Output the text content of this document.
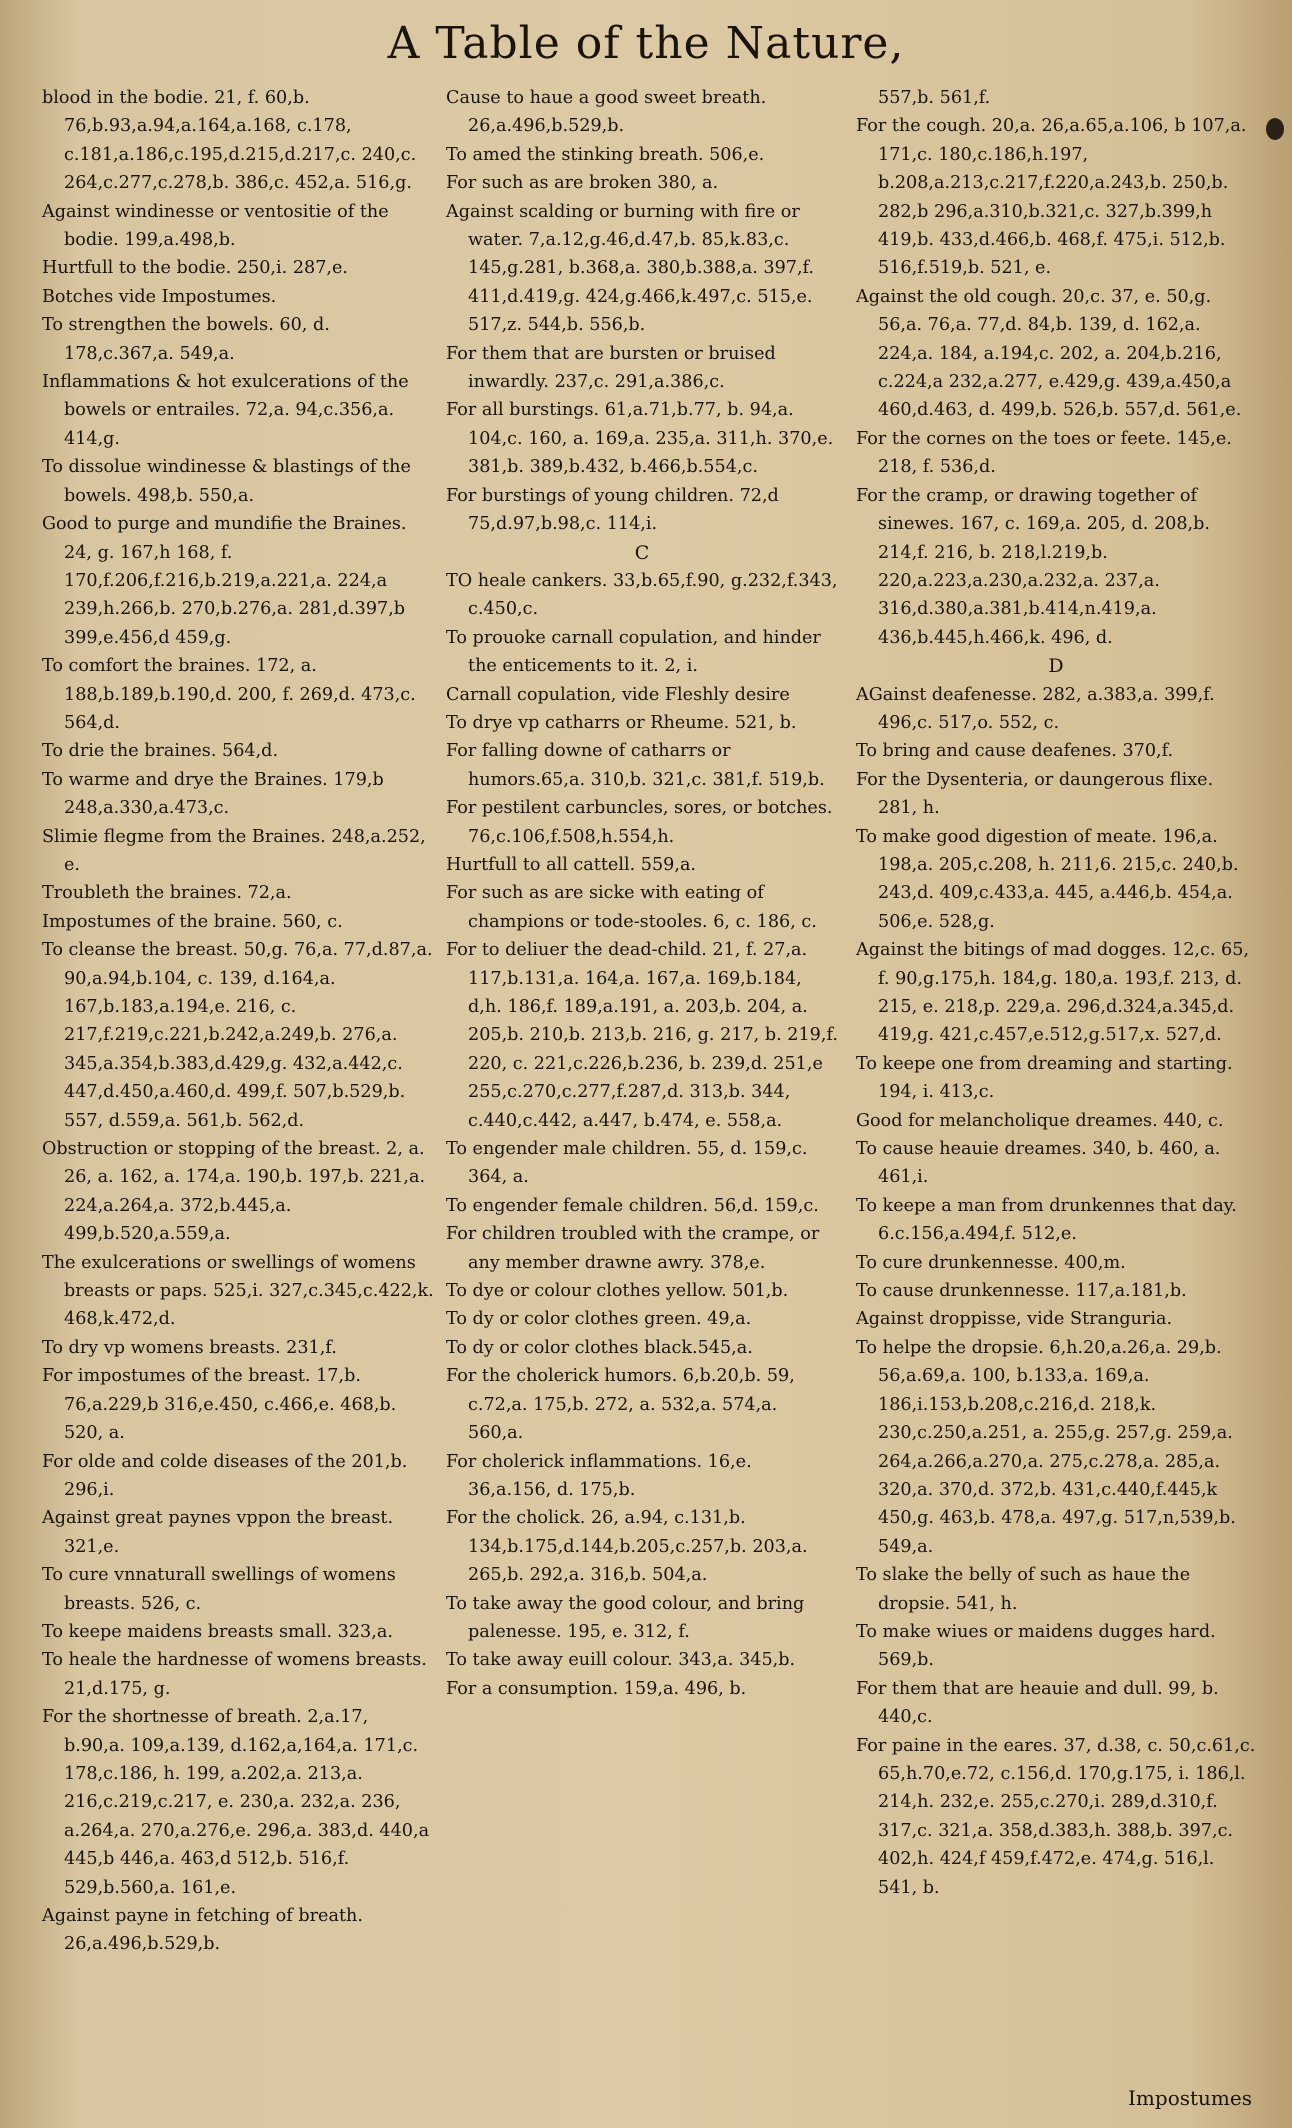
A Table of the Nature,

blood in the bodie. 21, f. 60,b. 76,b.93,a.94,a.164,a.168, c.178, c.181,a.186,c.195,d.215,d.217,c. 240,c. 264,c.277,c.278,b. 386,c. 452,a. 516,g.

Against windinesse or ventositie of the bodie. 199,a.498,b.

Hurtfull to the bodie. 250,i. 287,e.

Botches vide Impostumes.

To strengthen the bowels. 60, d. 178,c.367,a. 549,a.

Inflammations & hot exulcerations of the bowels or entrailes. 72,a. 94,c.356,a. 414,g.

To dissolue windinesse & blastings of the bowels. 498,b. 550,a.

Good to purge and mundifie the Braines. 24, g. 167,h 168, f. 170,f.206,f.216,b.219,a.221,a. 224,a 239,h.266,b. 270,b.276,a. 281,d.397,b 399,e.456,d 459,g.

To comfort the braines. 172, a. 188,b.189,b.190,d. 200, f. 269,d. 473,c. 564,d.

To drie the braines. 564,d.

To warme and drye the Braines. 179,b 248,a.330,a.473,c.

Slimie flegme from the Braines. 248,a.252, e.

Troubleth the braines. 72,a.

Impostumes of the braine. 560, c.

To cleanse the breast. 50,g. 76,a. 77,d.87,a. 90,a.94,b.104, c. 139, d.164,a. 167,b.183,a.194,e. 216, c. 217,f.219,c.221,b.242,a.249,b. 276,a. 345,a.354,b.383,d.429,g. 432,a.442,c. 447,d.450,a.460,d. 499,f. 507,b.529,b. 557, d.559,a. 561,b. 562,d.

Obstruction or stopping of the breast. 2, a. 26, a. 162, a. 174,a. 190,b. 197,b. 221,a. 224,a.264,a. 372,b.445,a. 499,b.520,a.559,a.

The exulcerations or swellings of womens breasts or paps. 525,i. 327,c.345,c.422,k. 468,k.472,d.

To dry vp womens breasts. 231,f.

For impostumes of the breast. 17,b. 76,a.229,b 316,e.450, c.466,e. 468,b. 520, a.

For olde and colde diseases of the 201,b. 296,i.

Against great paynes vppon the breast. 321,e.

To cure vnnaturall swellings of womens breasts. 526, c.

To keepe maidens breasts small. 323,a.

To heale the hardnesse of womens breasts. 21,d.175, g.

For the shortnesse of breath. 2,a.17, b.90,a. 109,a.139, d.162,a,164,a. 171,c. 178,c.186, h. 199, a.202,a. 213,a. 216,c.219,c.217, e. 230,a. 232,a. 236, a.264,a. 270,a.276,e. 296,a. 383,d. 440,a 445,b 446,a. 463,d 512,b. 516,f. 529,b.560,a. 161,e.

Against payne in fetching of breath. 26,a.496,b.529,b.

Cause to haue a good sweet breath. 26,a.496,b.529,b.

To amed the stinking breath. 506,e.

For such as are broken 380, a.

Against scalding or burning with fire or water. 7,a.12,g.46,d.47,b. 85,k.83,c. 145,g.281, b.368,a. 380,b.388,a. 397,f. 411,d.419,g. 424,g.466,k.497,c. 515,e. 517,z. 544,b. 556,b.

For them that are bursten or bruised inwardly. 237,c. 291,a.386,c.

For all burstings. 61,a.71,b.77, b. 94,a. 104,c. 160, a. 169,a. 235,a. 311,h. 370,e. 381,b. 389,b.432, b.466,b.554,c.

For burstings of young children. 72,d 75,d.97,b.98,c. 114,i.

C

TO heale cankers. 33,b.65,f.90, g.232,f.343, c.450,c.

To prouoke carnall copulation, and hinder the enticements to it. 2, i.

Carnall copulation, vide Fleshly desire

To drye vp catharrs or Rheume. 521, b.

For falling downe of catharrs or humors.65,a. 310,b. 321,c. 381,f. 519,b.

For pestilent carbuncles, sores, or botches. 76,c.106,f.508,h.554,h.

Hurtfull to all cattell. 559,a.

For such as are sicke with eating of champions or tode-stooles. 6, c. 186, c.

For to deliuer the dead-child. 21, f. 27,a. 117,b.131,a. 164,a. 167,a. 169,b.184, d,h. 186,f. 189,a.191, a. 203,b. 204, a. 205,b. 210,b. 213,b. 216, g. 217, b. 219,f. 220, c. 221,c.226,b.236, b. 239,d. 251,e 255,c.270,c.277,f.287,d. 313,b. 344, c.440,c.442, a.447, b.474, e. 558,a.

To engender male children. 55, d. 159,c. 364, a.

To engender female children. 56,d. 159,c.

For children troubled with the crampe, or any member drawne awry. 378,e.

To dye or colour clothes yellow. 501,b.

To dy or color clothes green. 49,a.

To dy or color clothes black.545,a.

For the cholerick humors. 6,b.20,b. 59, c.72,a. 175,b. 272, a. 532,a. 574,a. 560,a.

For cholerick inflammations. 16,e. 36,a.156, d. 175,b.

For the cholick. 26, a.94, c.131,b. 134,b.175,d.144,b.205,c.257,b. 203,a. 265,b. 292,a. 316,b. 504,a.

To take away the good colour, and bring palenesse. 195, e. 312, f.

To take away euill colour. 343,a. 345,b.

For a consumption. 159,a. 496, b.

557,b. 561,f.

For the cough. 20,a. 26,a.65,a.106, b 107,a. 171,c. 180,c.186,h.197, b.208,a.213,c.217,f.220,a.243,b. 250,b. 282,b 296,a.310,b.321,c. 327,b.399,h 419,b. 433,d.466,b. 468,f. 475,i. 512,b. 516,f.519,b. 521, e.

Against the old cough. 20,c. 37, e. 50,g. 56,a. 76,a. 77,d. 84,b. 139, d. 162,a. 224,a. 184, a.194,c. 202, a. 204,b.216, c.224,a 232,a.277, e.429,g. 439,a.450,a 460,d.463, d. 499,b. 526,b. 557,d. 561,e.

For the cornes on the toes or feete. 145,e. 218, f. 536,d.

For the cramp, or drawing together of sinewes. 167, c. 169,a. 205, d. 208,b. 214,f. 216, b. 218,l.219,b. 220,a.223,a.230,a.232,a. 237,a. 316,d.380,a.381,b.414,n.419,a. 436,b.445,h.466,k. 496, d.

D

AGainst deafenesse. 282, a.383,a. 399,f. 496,c. 517,o. 552, c.

To bring and cause deafenes. 370,f.

For the Dysenteria, or daungerous flixe. 281, h.

To make good digestion of meate. 196,a. 198,a. 205,c.208, h. 211,6. 215,c. 240,b. 243,d. 409,c.433,a. 445, a.446,b. 454,a. 506,e. 528,g.

Against the bitings of mad dogges. 12,c. 65, f. 90,g.175,h. 184,g. 180,a. 193,f. 213, d. 215, e. 218,p. 229,a. 296,d.324,a.345,d. 419,g. 421,c.457,e.512,g.517,x. 527,d.

To keepe one from dreaming and starting. 194, i. 413,c.

Good for melancholique dreames. 440, c.

To cause heauie dreames. 340, b. 460, a. 461,i.

To keepe a man from drunkennes that day. 6.c.156,a.494,f. 512,e.

To cure drunkennesse. 400,m.

To cause drunkennesse. 117,a.181,b.

Against droppisse, vide Stranguria.

To helpe the dropsie. 6,h.20,a.26,a. 29,b. 56,a.69,a. 100, b.133,a. 169,a. 186,i.153,b.208,c.216,d. 218,k. 230,c.250,a.251, a. 255,g. 257,g. 259,a. 264,a.266,a.270,a. 275,c.278,a. 285,a. 320,a. 370,d. 372,b. 431,c.440,f.445,k 450,g. 463,b. 478,a. 497,g. 517,n,539,b. 549,a.

To slake the belly of such as haue the dropsie. 541, h.

To make wiues or maidens dugges hard. 569,b.

For them that are heauie and dull. 99, b. 440,c.

For paine in the eares. 37, d.38, c. 50,c.61,c. 65,h.70,e.72, c.156,d. 170,g.175, i. 186,l. 214,h. 232,e. 255,c.270,i. 289,d.310,f. 317,c. 321,a. 358,d.383,h. 388,b. 397,c. 402,h. 424,f 459,f.472,e. 474,g. 516,l. 541, b.

Impostumes
